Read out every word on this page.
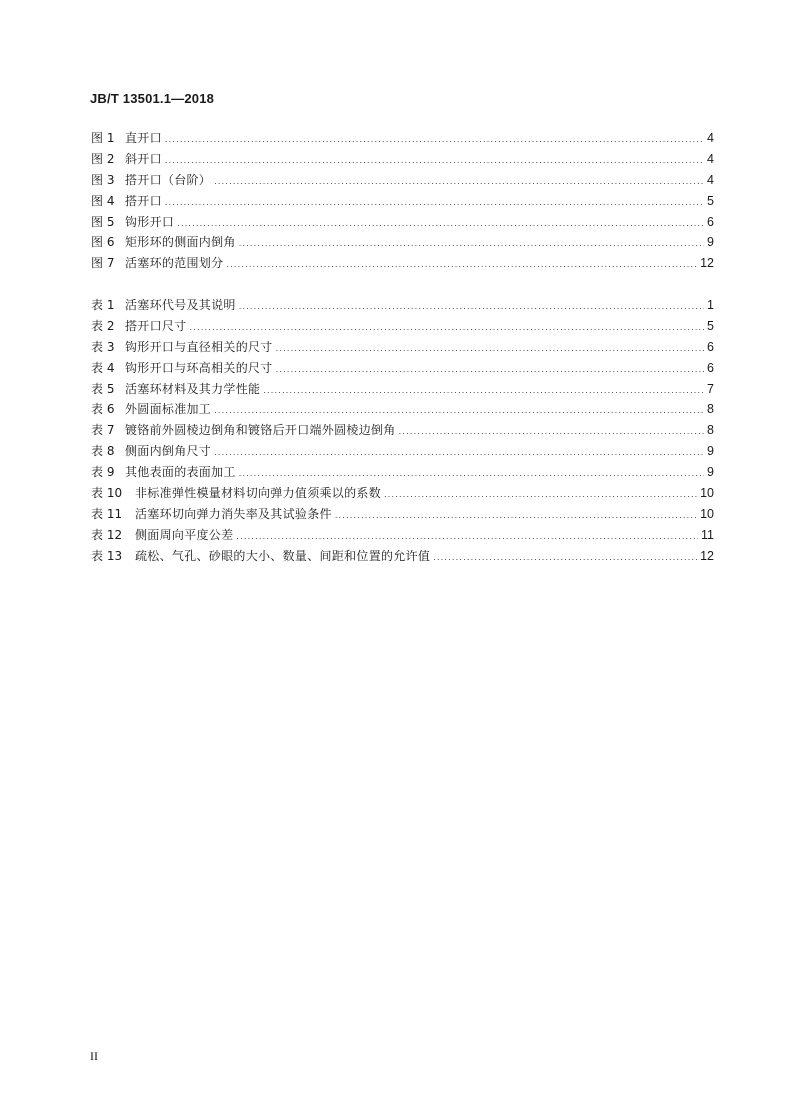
JB/T 13501.1—2018
图 1 直开口 .....	4
图 2 斜开口 .....	4
图 3 搭开口（台阶） .....	4
图 4 搭开口 .....	5
图 5 钩形开口 .....	6
图 6 矩形环的侧面内倒角 .....	9
图 7 活塞环的范围划分 .....	12
表 1 活塞环代号及其说明 .....	1
表 2 搭开口尺寸 .....	5
表 3 钩形开口与直径相关的尺寸 .....	6
表 4 钩形开口与环高相关的尺寸 .....	6
表 5 活塞环材料及其力学性能 .....	7
表 6 外圆面标准加工 .....	8
表 7 镀铬前外圆棱边倒角和镀铬后开口端外圆棱边倒角 .....	8
表 8 侧面内倒角尺寸 .....	9
表 9 其他表面的表面加工 .....	9
表 10	非标准弹性模量材料切向弹力值须乘以的系数 .....	10
表 11	活塞环切向弹力消失率及其试验条件 .....	10
表 12	侧面周向平度公差 .....	11
表 13	疏松、气孔、砂眼的大小、数量、间距和位置的允许值 .....	12
II
